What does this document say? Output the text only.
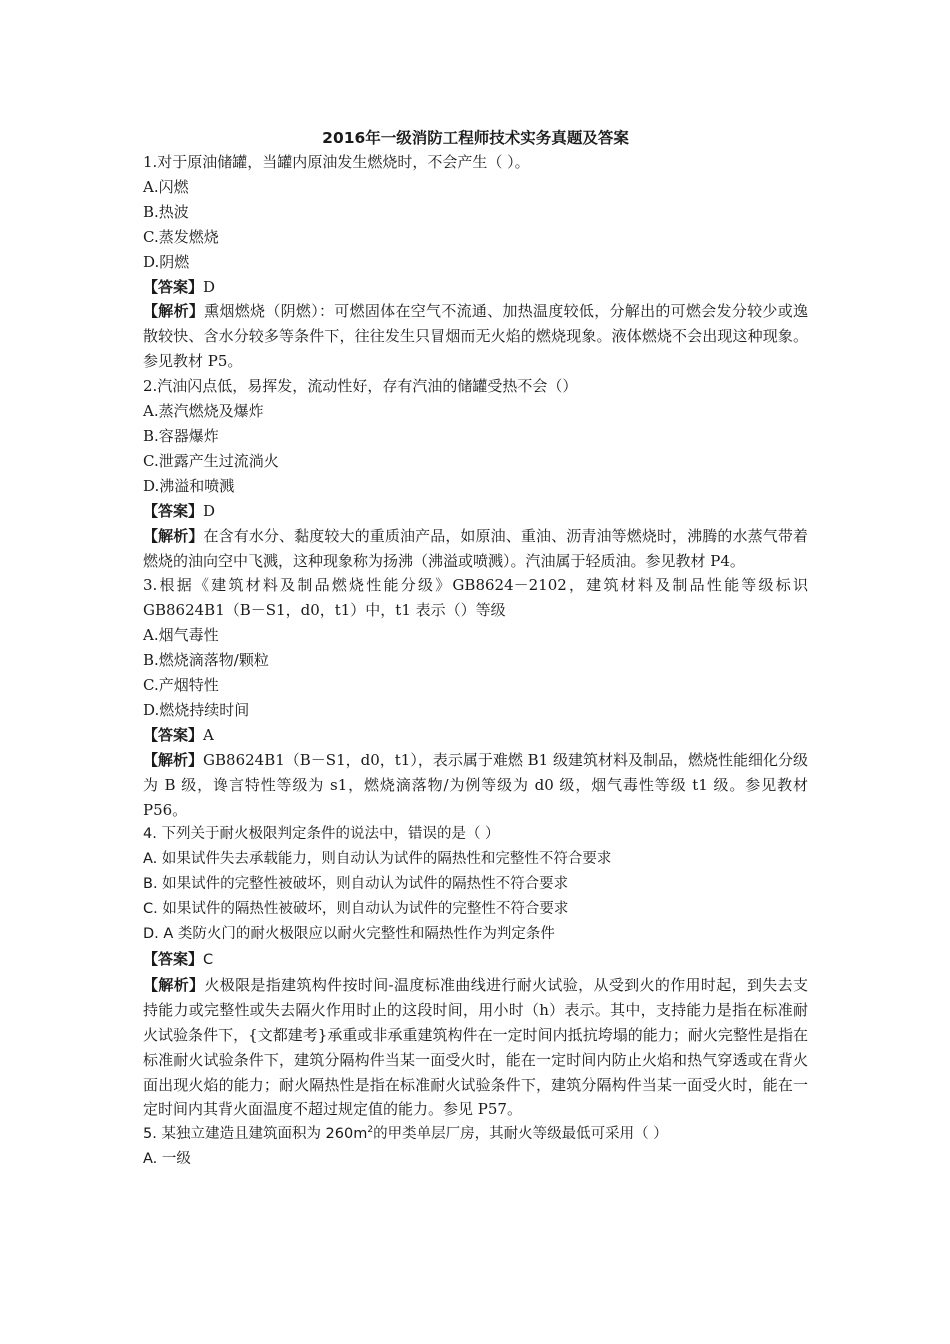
2016年一级消防工程师技术实务真题及答案
1.对于原油储罐，当罐内原油发生燃烧时，不会产生（ ）。
A.闪燃
B.热波
C.蒸发燃烧
D.阴燃
【答案】D
【解析】熏烟燃烧（阴燃）：可燃固体在空气不流通、加热温度较低，分解出的可燃会发分较少或逸散较快、含水分较多等条件下，往往发生只冒烟而无火焰的燃烧现象。液体燃烧不会出现这种现象。参见教材 P5。
2.汽油闪点低，易挥发，流动性好，存有汽油的储罐受热不会（）
A.蒸汽燃烧及爆炸
B.容器爆炸
C.泄露产生过流淌火
D.沸溢和喷溅
【答案】D
【解析】在含有水分、黏度较大的重质油产品，如原油、重油、沥青油等燃烧时，沸腾的水蒸气带着燃烧的油向空中飞溅，这种现象称为扬沸（沸溢或喷溅）。汽油属于轻质油。参见教材 P4。
3.根据《建筑材料及制品燃烧性能分级》GB8624－2102，建筑材料及制品性能等级标识 GB8624B1（B－S1，d0，t1）中，t1 表示（）等级
A.烟气毒性
B.燃烧滴落物/颗粒
C.产烟特性
D.燃烧持续时间
【答案】A
【解析】GB8624B1（B－S1，d0，t1），表示属于难燃 B1 级建筑材料及制品，燃烧性能细化分级为 B 级，谗言特性等级为 s1，燃烧滴落物/为例等级为 d0 级，烟气毒性等级 t1 级。参见教材 P56。
4. 下列关于耐火极限判定条件的说法中，错误的是（ ）
A. 如果试件失去承载能力，则自动认为试件的隔热性和完整性不符合要求
B. 如果试件的完整性被破坏，则自动认为试件的隔热性不符合要求
C. 如果试件的隔热性被破坏，则自动认为试件的完整性不符合要求
D. A 类防火门的耐火极限应以耐火完整性和隔热性作为判定条件
【答案】C
【解析】火极限是指建筑构件按时间-温度标准曲线进行耐火试验，从受到火的作用时起，到失去支持能力或完整性或失去隔火作用时止的这段时间，用小时（h）表示。其中，支持能力是指在标准耐火试验条件下，{文都建考}承重或非承重建筑构件在一定时间内抵抗垮塌的能力；耐火完整性是指在标准耐火试验条件下，建筑分隔构件当某一面受火时，能在一定时间内防止火焰和热气穿透或在背火面出现火焰的能力；耐火隔热性是指在标准耐火试验条件下，建筑分隔构件当某一面受火时，能在一定时间内其背火面温度不超过规定值的能力。参见 P57。
5. 某独立建造且建筑面积为 $260m^2$的甲类单层厂房，其耐火等级最低可采用（ ）
A. 一级
